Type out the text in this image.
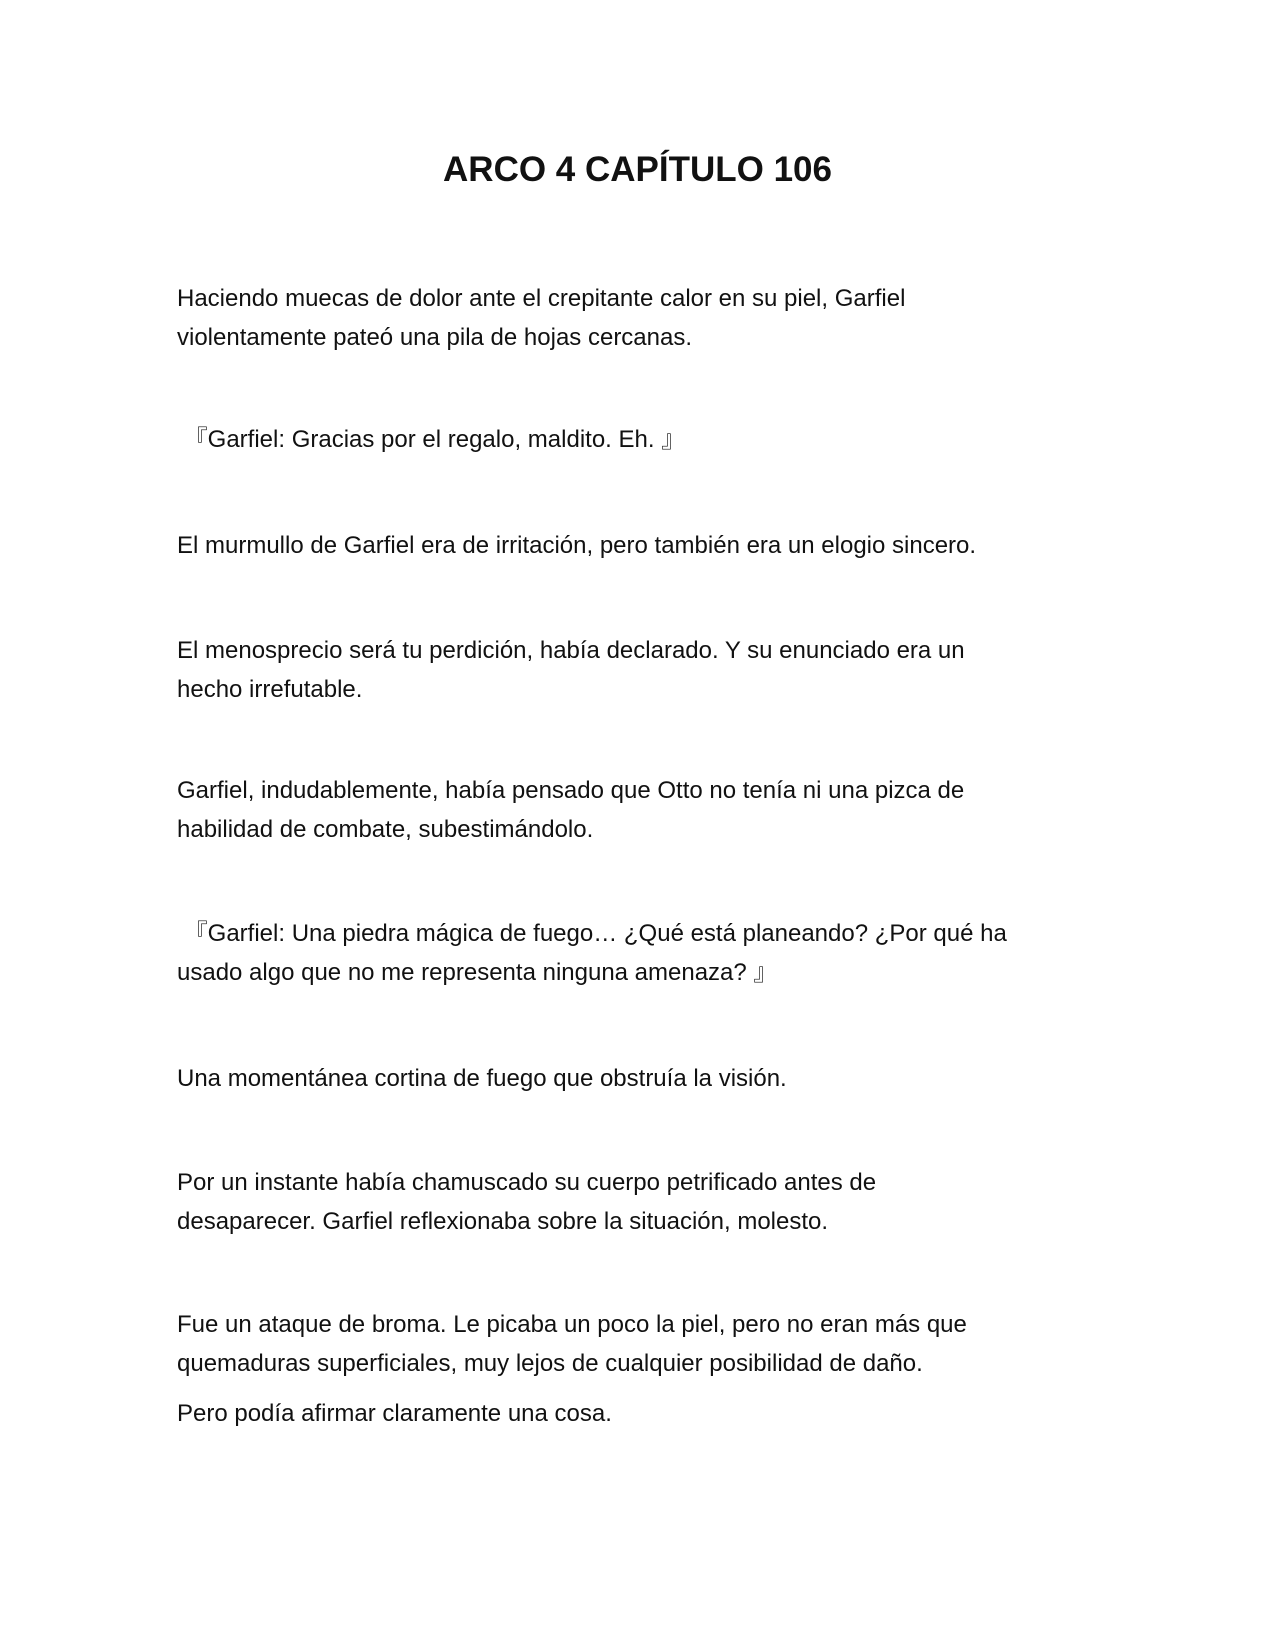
ARCO 4 CAPÍTULO 106

Haciendo muecas de dolor ante el crepitante calor en su piel, Garfiel
violentamente pateó una pila de hojas cercanas.

『Garfiel: Gracias por el regalo, maldito. Eh. 』

El murmullo de Garfiel era de irritación, pero también era un elogio sincero.

El menosprecio será tu perdición, había declarado. Y su enunciado era un
hecho irrefutable.

Garfiel, indudablemente, había pensado que Otto no tenía ni una pizca de
habilidad de combate, subestimándolo.

『Garfiel: Una piedra mágica de fuego… ¿Qué está planeando? ¿Por qué ha
usado algo que no me representa ninguna amenaza? 』

Una momentánea cortina de fuego que obstruía la visión.

Por un instante había chamuscado su cuerpo petrificado antes de
desaparecer. Garfiel reflexionaba sobre la situación, molesto.

Fue un ataque de broma. Le picaba un poco la piel, pero no eran más que
quemaduras superficiales, muy lejos de cualquier posibilidad de daño.

Pero podía afirmar claramente una cosa.
